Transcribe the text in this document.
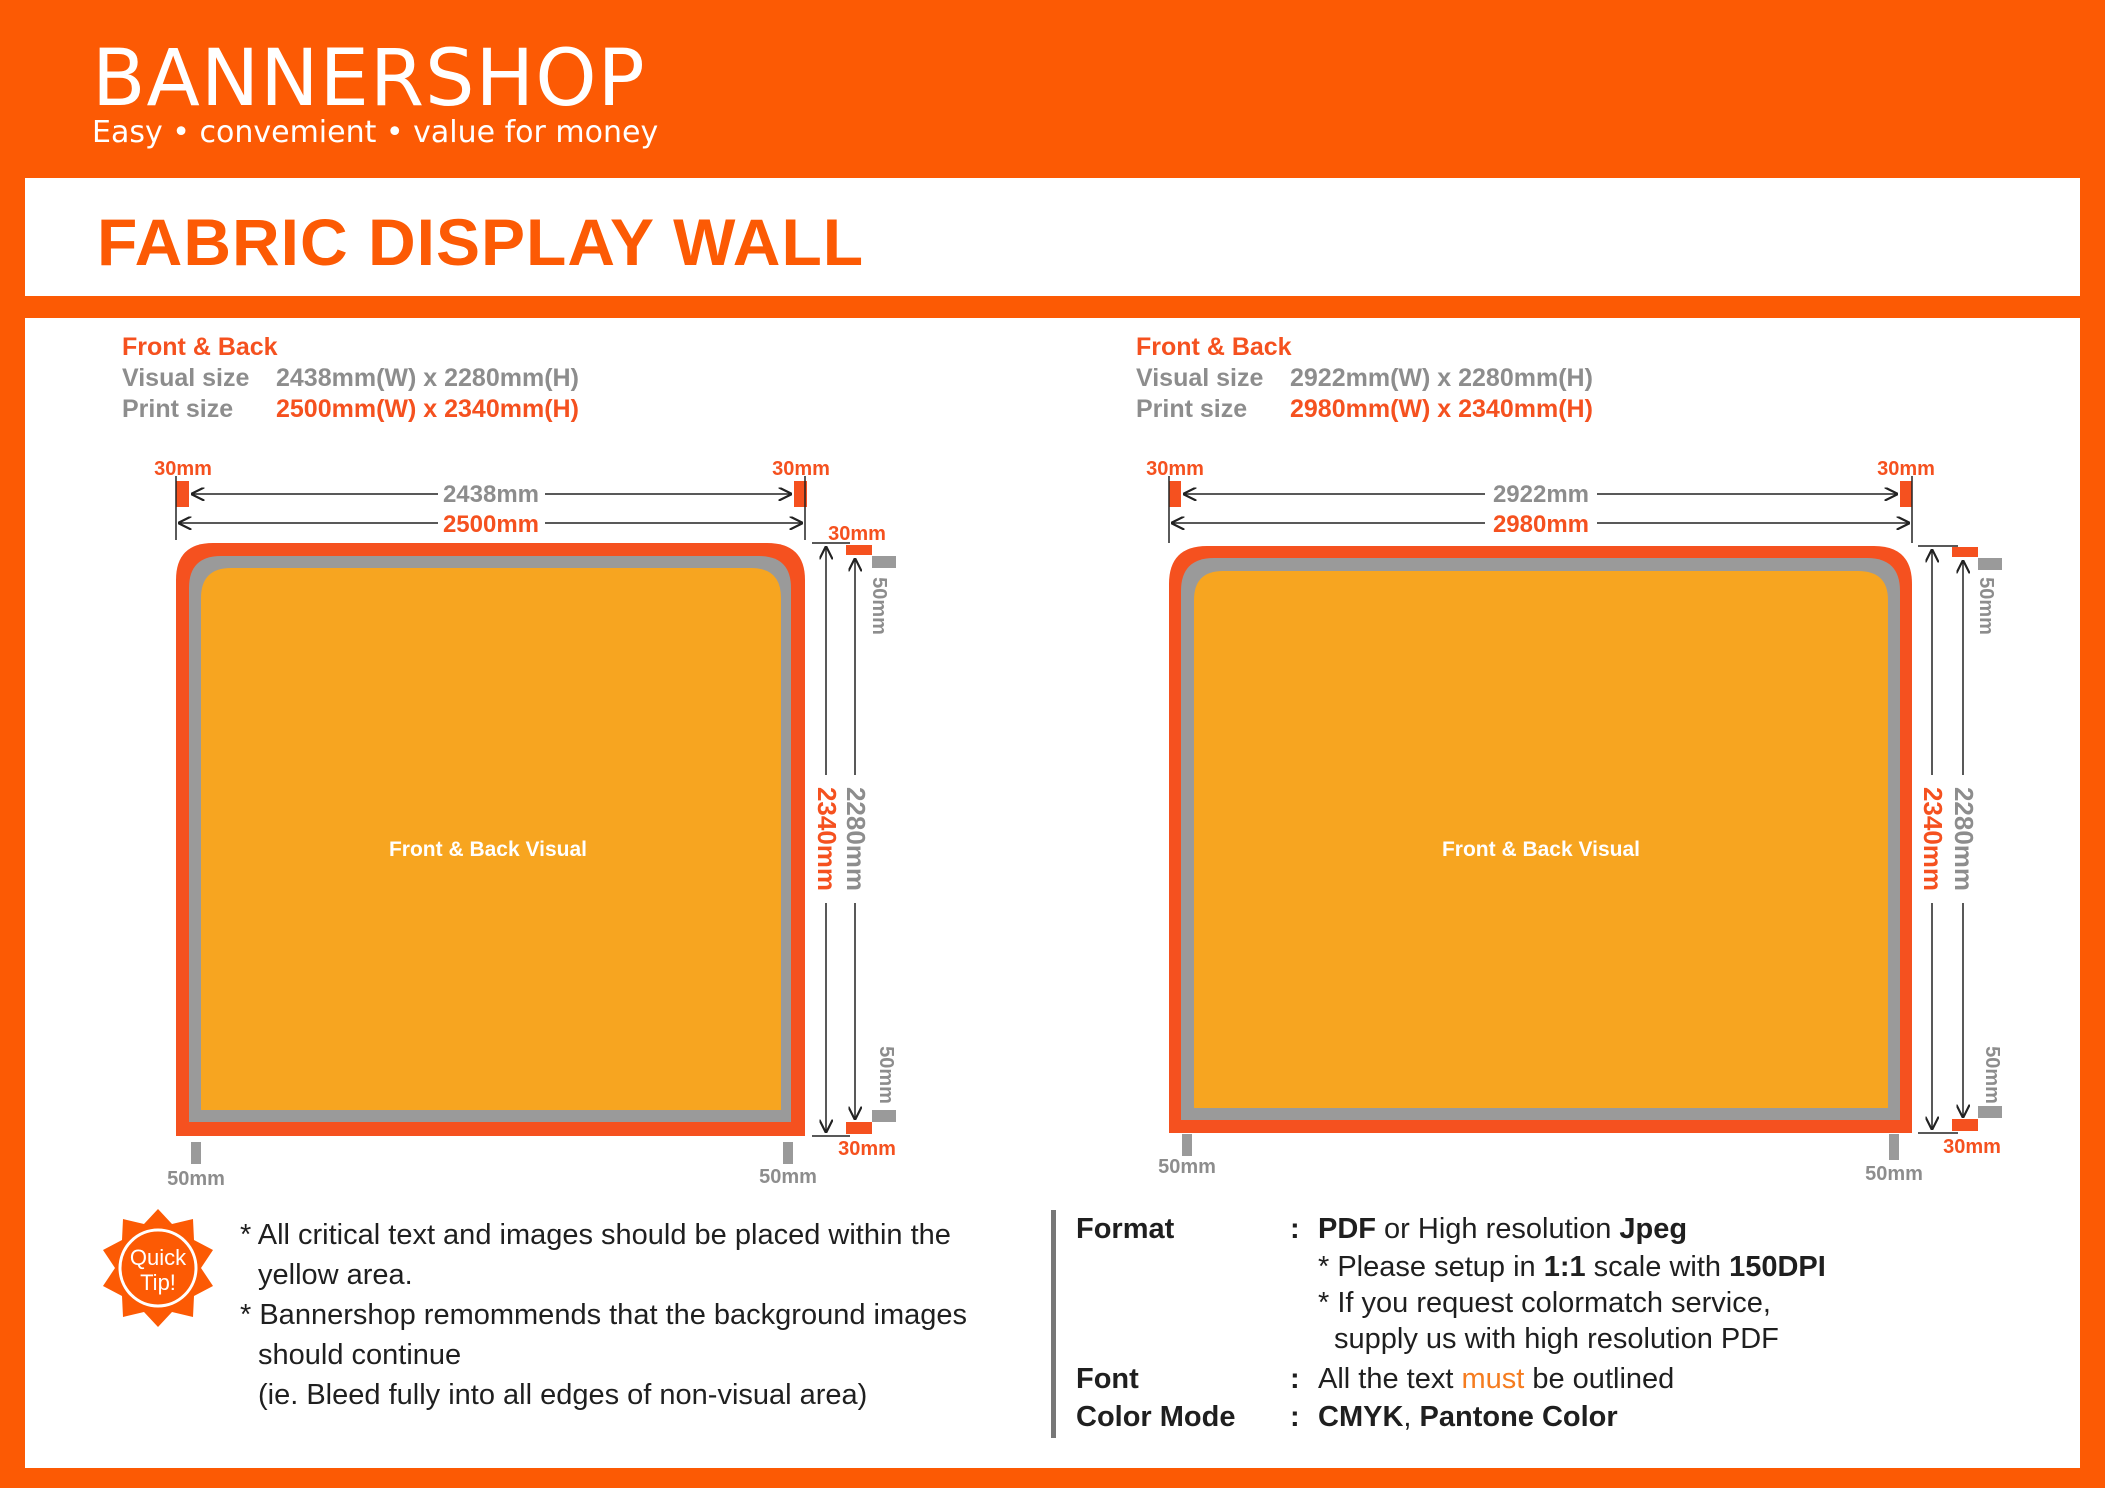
BANNERSHOP
Easy • convemient • value for money
FABRIC DISPLAY WALL
Front & Back
Visual size 2438mm(W) x 2280mm(H)
Print size 2500mm(W) x 2340mm(H)
Front & Back
Visual size 2922mm(W) x 2280mm(H)
Print size 2980mm(W) x 2340mm(H)
Front & Back Visual
30mm	30mm
2438mm
2500mm	30mm
50mm
50mm
30mm
2340mm 2280mm
50mm	50mm
Front & Back Visual
30mm	30mm
2922mm
2980mm
50mm
50mm
30mm
2340mm 2280mm
50mm	50mm
Quick
Tip!

* All critical text and images should be placed within the

yellow area.

* Bannershop remommends that the background images

should continue

(ie. Bleed fully into all edges of non-visual area)

Format	: PDF or High resolution Jpeg
* Please setup in 1:1 scale with 150DPI
* If you request colormatch service,
supply us with high resolution PDF
Font	: All the text must be outlined
Color Mode : CMYK, Pantone Color
